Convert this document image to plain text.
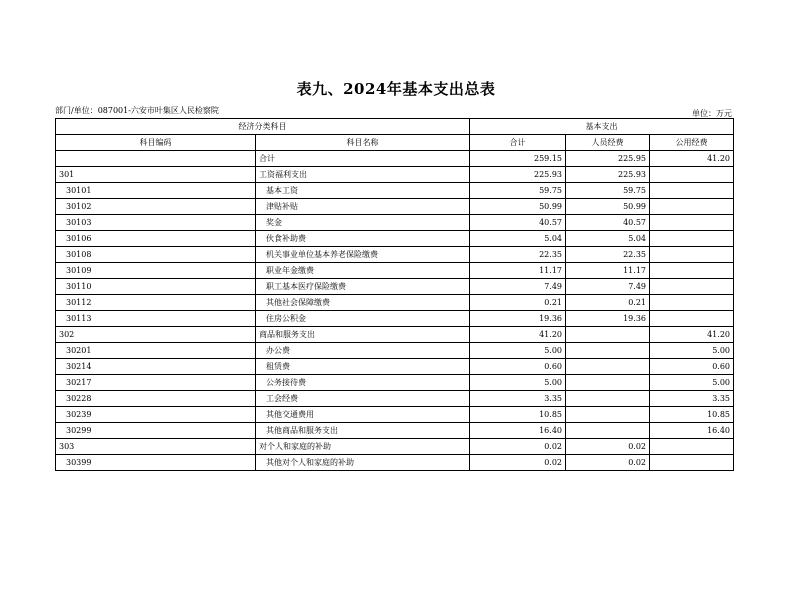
表九、2024年基本支出总表
部门/单位：087001-六安市叶集区人民检察院	单位：万元
经济分类科目		基本支出		
科目编码	科目名称	合计	人员经费	公用经费
	合计	259.15	225.95	41.20
301	工资福利支出	225.93	225.93	
30101	基本工资	59.75	59.75	
30102	津贴补贴	50.99	50.99	
30103	奖金	40.57	40.57	
30106	伙食补助费	5.04	5.04	
30108	机关事业单位基本养老保险缴费	22.35	22.35	
30109	职业年金缴费	11.17	11.17	
30110	职工基本医疗保险缴费	7.49	7.49	
30112	其他社会保障缴费	0.21	0.21	
30113	住房公积金	19.36	19.36	
302	商品和服务支出	41.20		41.20
30201	办公费	5.00		5.00
30214	租赁费	0.60		0.60
30217	公务接待费	5.00		5.00
30228	工会经费	3.35		3.35
30239	其他交通费用	10.85		10.85
30299	其他商品和服务支出	16.40		16.40
303	对个人和家庭的补助	0.02	0.02	
30399	其他对个人和家庭的补助	0.02	0.02	
